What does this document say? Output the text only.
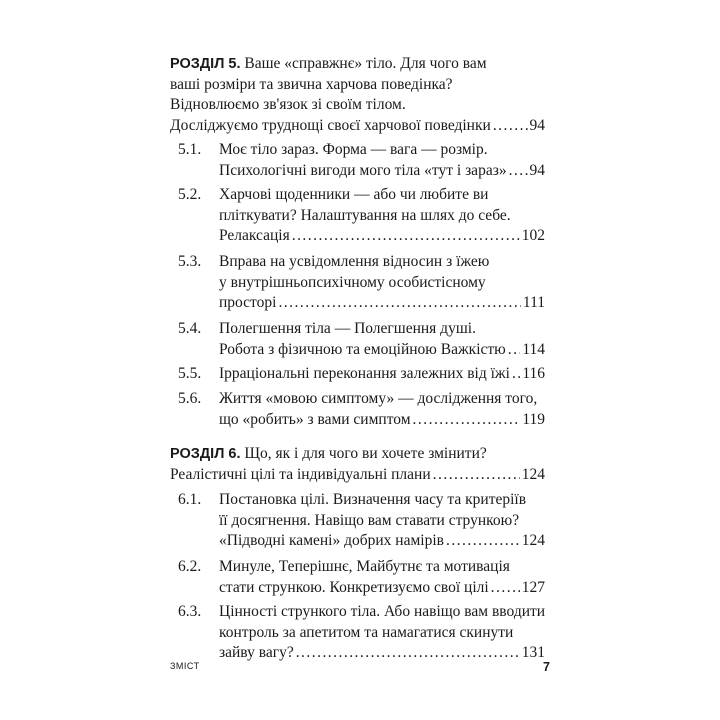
РОЗДІЛ 5. Ваше «справжнє» тіло. Для чого вам
ваші розміри та звична харчова поведінка?
Відновлюємо зв'язок зі своїм тілом.
Досліджуємо труднощі своєї харчової поведінки . . . 94
5.1.	Моє тіло зараз. Форма — вага — розмір.
Психологічні вигоди мого тіла «тут і зараз» . . . 94
5.2.	Харчові щоденники — або чи любите ви
пліткувати? Налаштування на шлях до себе.
Релаксація . . .	102
5.3.	Вправа на усвідомлення відносин з їжею
у внутрішньопсихічному особистісному
просторі . . .	111
5.4.	Полегшення тіла — Полегшення душі.
Робота з фізичною та емоційною Важкістю . . . 114
5.5.	Ірраціональні переконання залежних від їжі . . . 116
5.6.	Життя «мовою симптому» — дослідження того,
що «робить» з вами симптом . . .	119
РОЗДІЛ 6. Що, як і для чого ви хочете змінити?
Реалістичні цілі та індивідуальні плани . . .	124
6.1.	Постановка цілі. Визначення часу та критеріїв
її досягнення. Навіщо вам ставати стрункою?
«Підводні камені» добрих намірів . . .	124
6.2.	Минуле, Теперішнє, Майбутнє та мотивація
стати стрункою. Конкретизуємо свої цілі . . . 127
6.3.	Цінності стрункого тіла. Або навіщо вам вводити
контроль за апетитом та намагатися скинути
зайву вагу? . . .	131
ЗМІСТ	7
